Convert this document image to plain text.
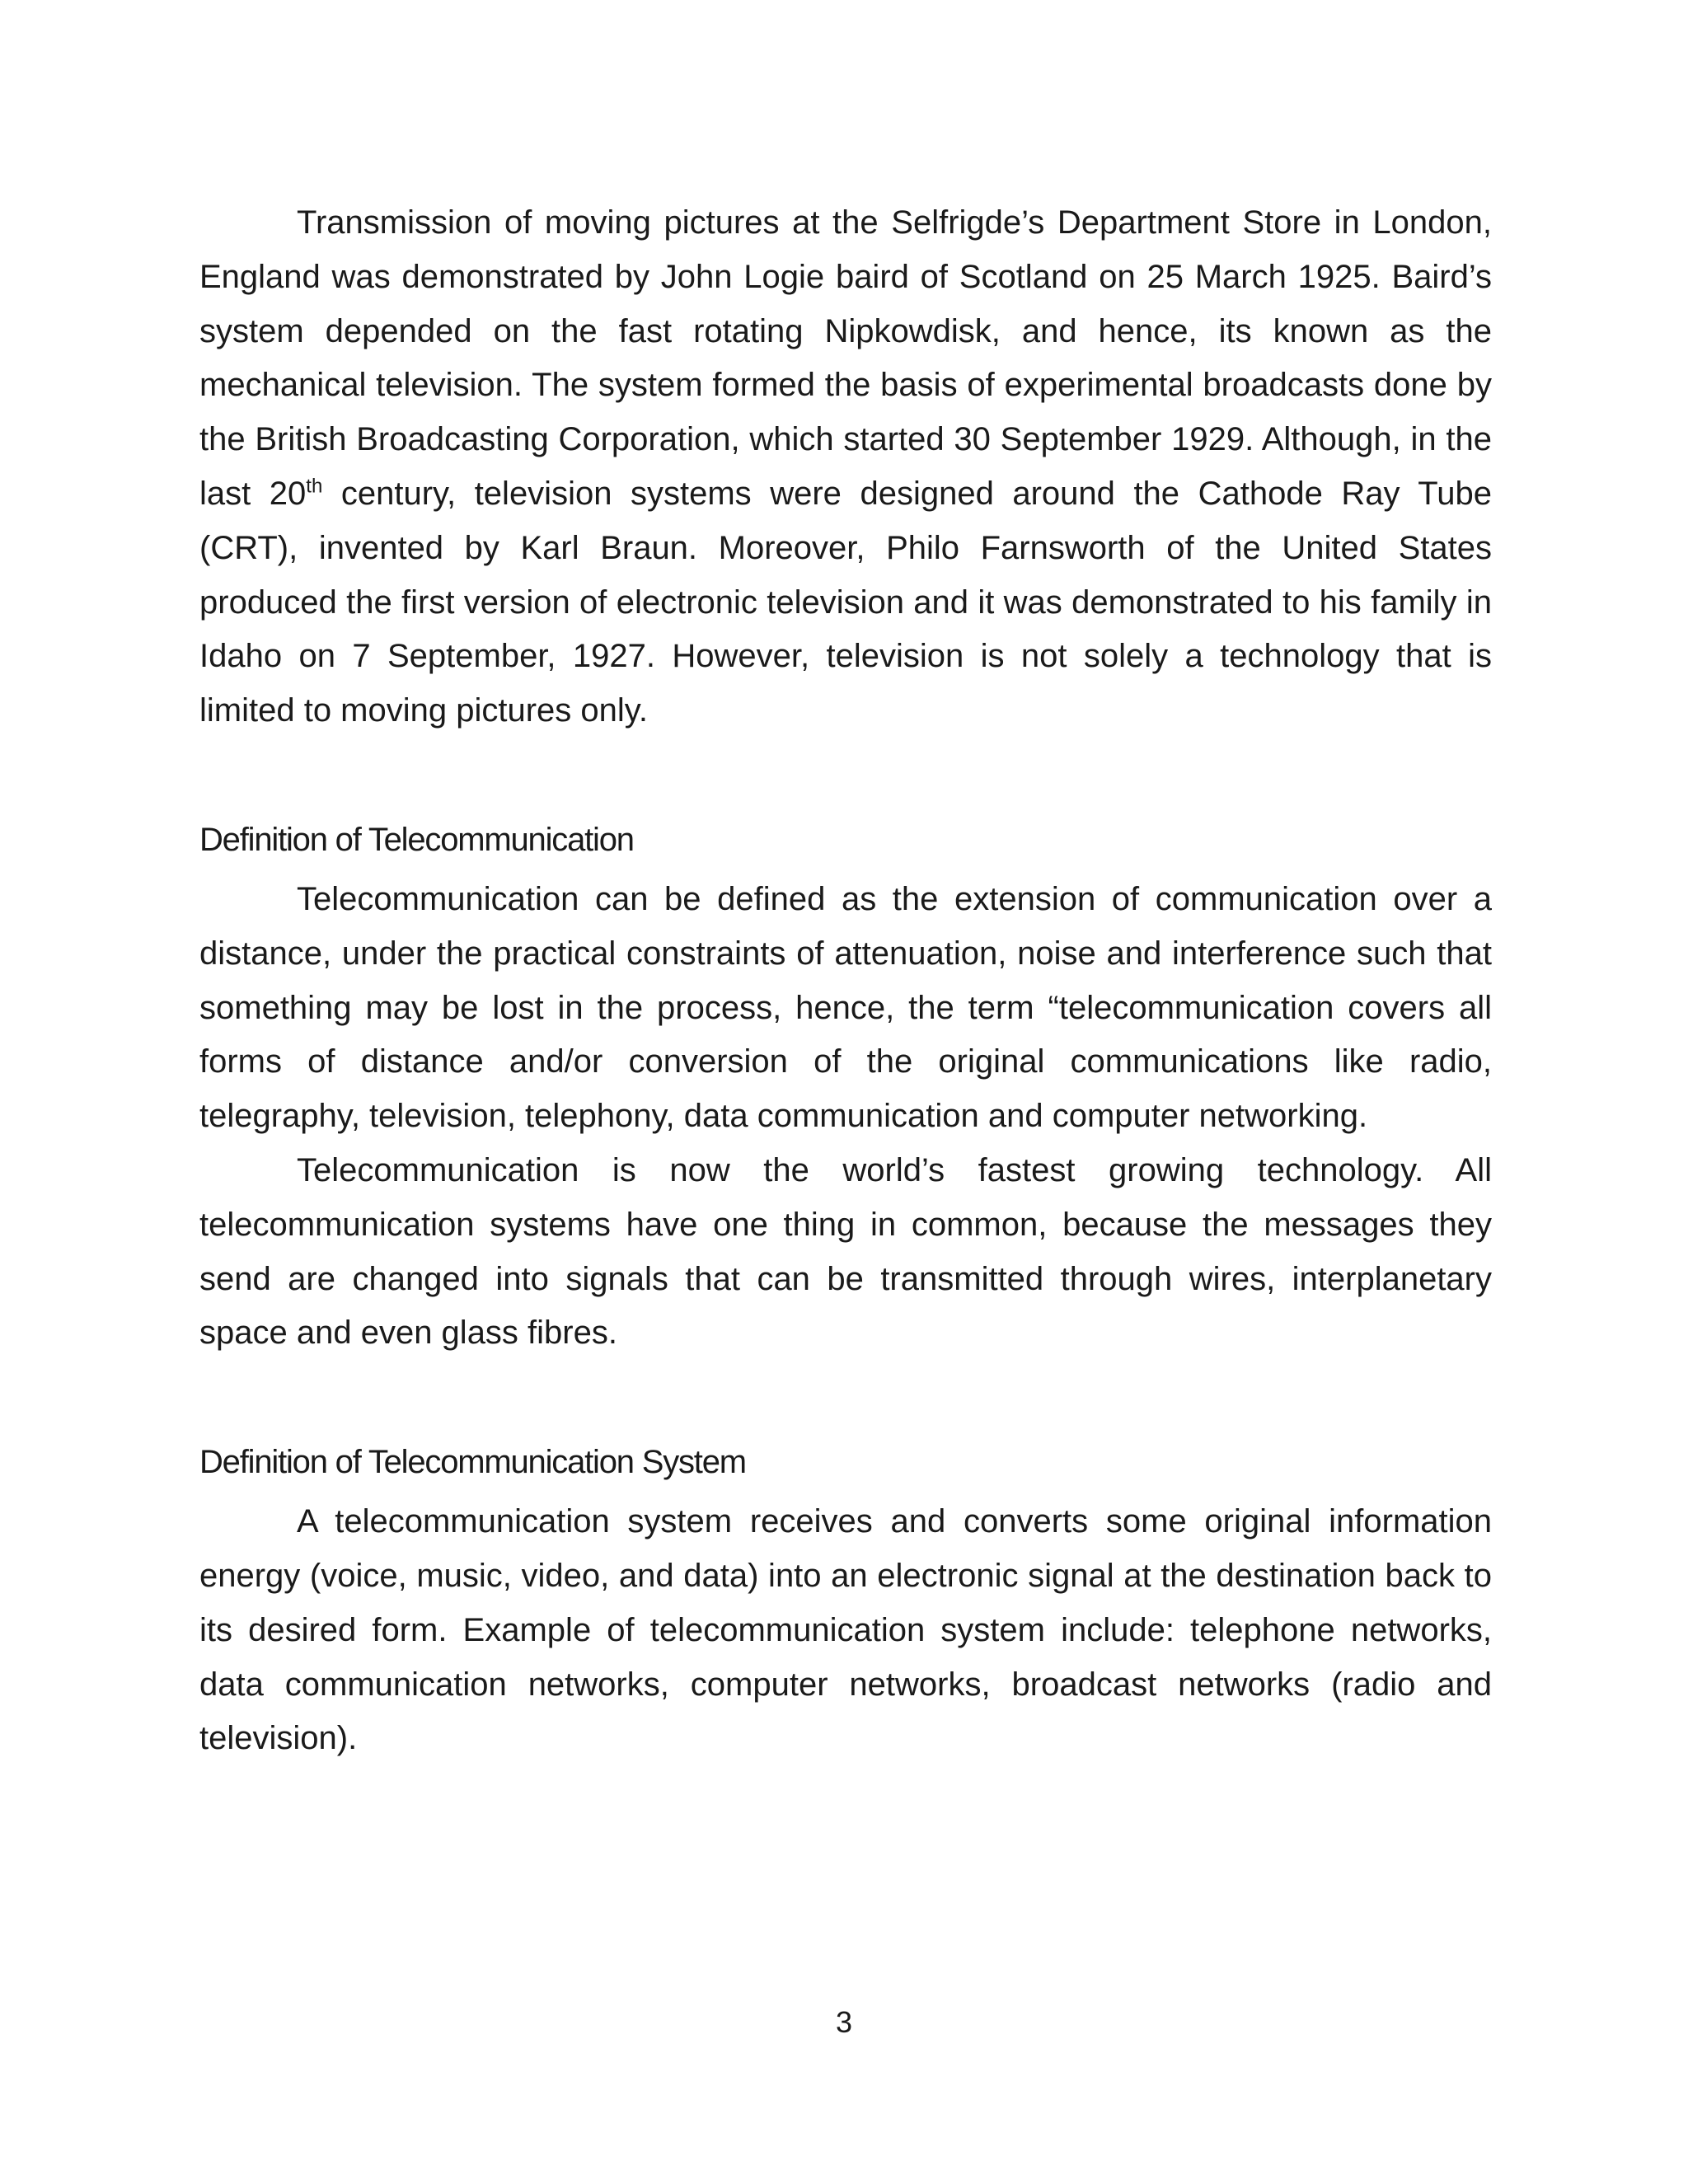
Transmission of moving pictures at the Selfrigde’s Department Store in London, England was demonstrated by John Logie baird of Scotland on 25 March 1925. Baird’s system depended on the fast rotating Nipkowdisk, and hence, its known as the mechanical television. The system formed the basis of experimental broadcasts done by the British Broadcasting Corporation, which started 30 September 1929. Although, in the last 20th century, television systems were designed around the Cathode Ray Tube (CRT), invented by Karl Braun. Moreover, Philo Farnsworth of the United States produced the first version of electronic television and it was demonstrated to his family in Idaho on 7 September, 1927. However, television is not solely a technology that is limited to moving pictures only.

Definition of Telecommunication

Telecommunication can be defined as the extension of communication over a distance, under the practical constraints of attenuation, noise and interference such that something may be lost in the process, hence, the term “telecommunication covers all forms of distance and/or conversion of the original communications like radio, telegraphy, television, telephony, data communication and computer networking.

Telecommunication is now the world’s fastest growing technology. All telecommunication systems have one thing in common, because the messages they send are changed into signals that can be transmitted through wires, interplanetary space and even glass fibres.

Definition of Telecommunication System

A telecommunication system receives and converts some original information energy (voice, music, video, and data) into an electronic signal at the destination back to its desired form. Example of telecommunication system include: telephone networks, data communication networks, computer networks, broadcast networks (radio and television).

3
